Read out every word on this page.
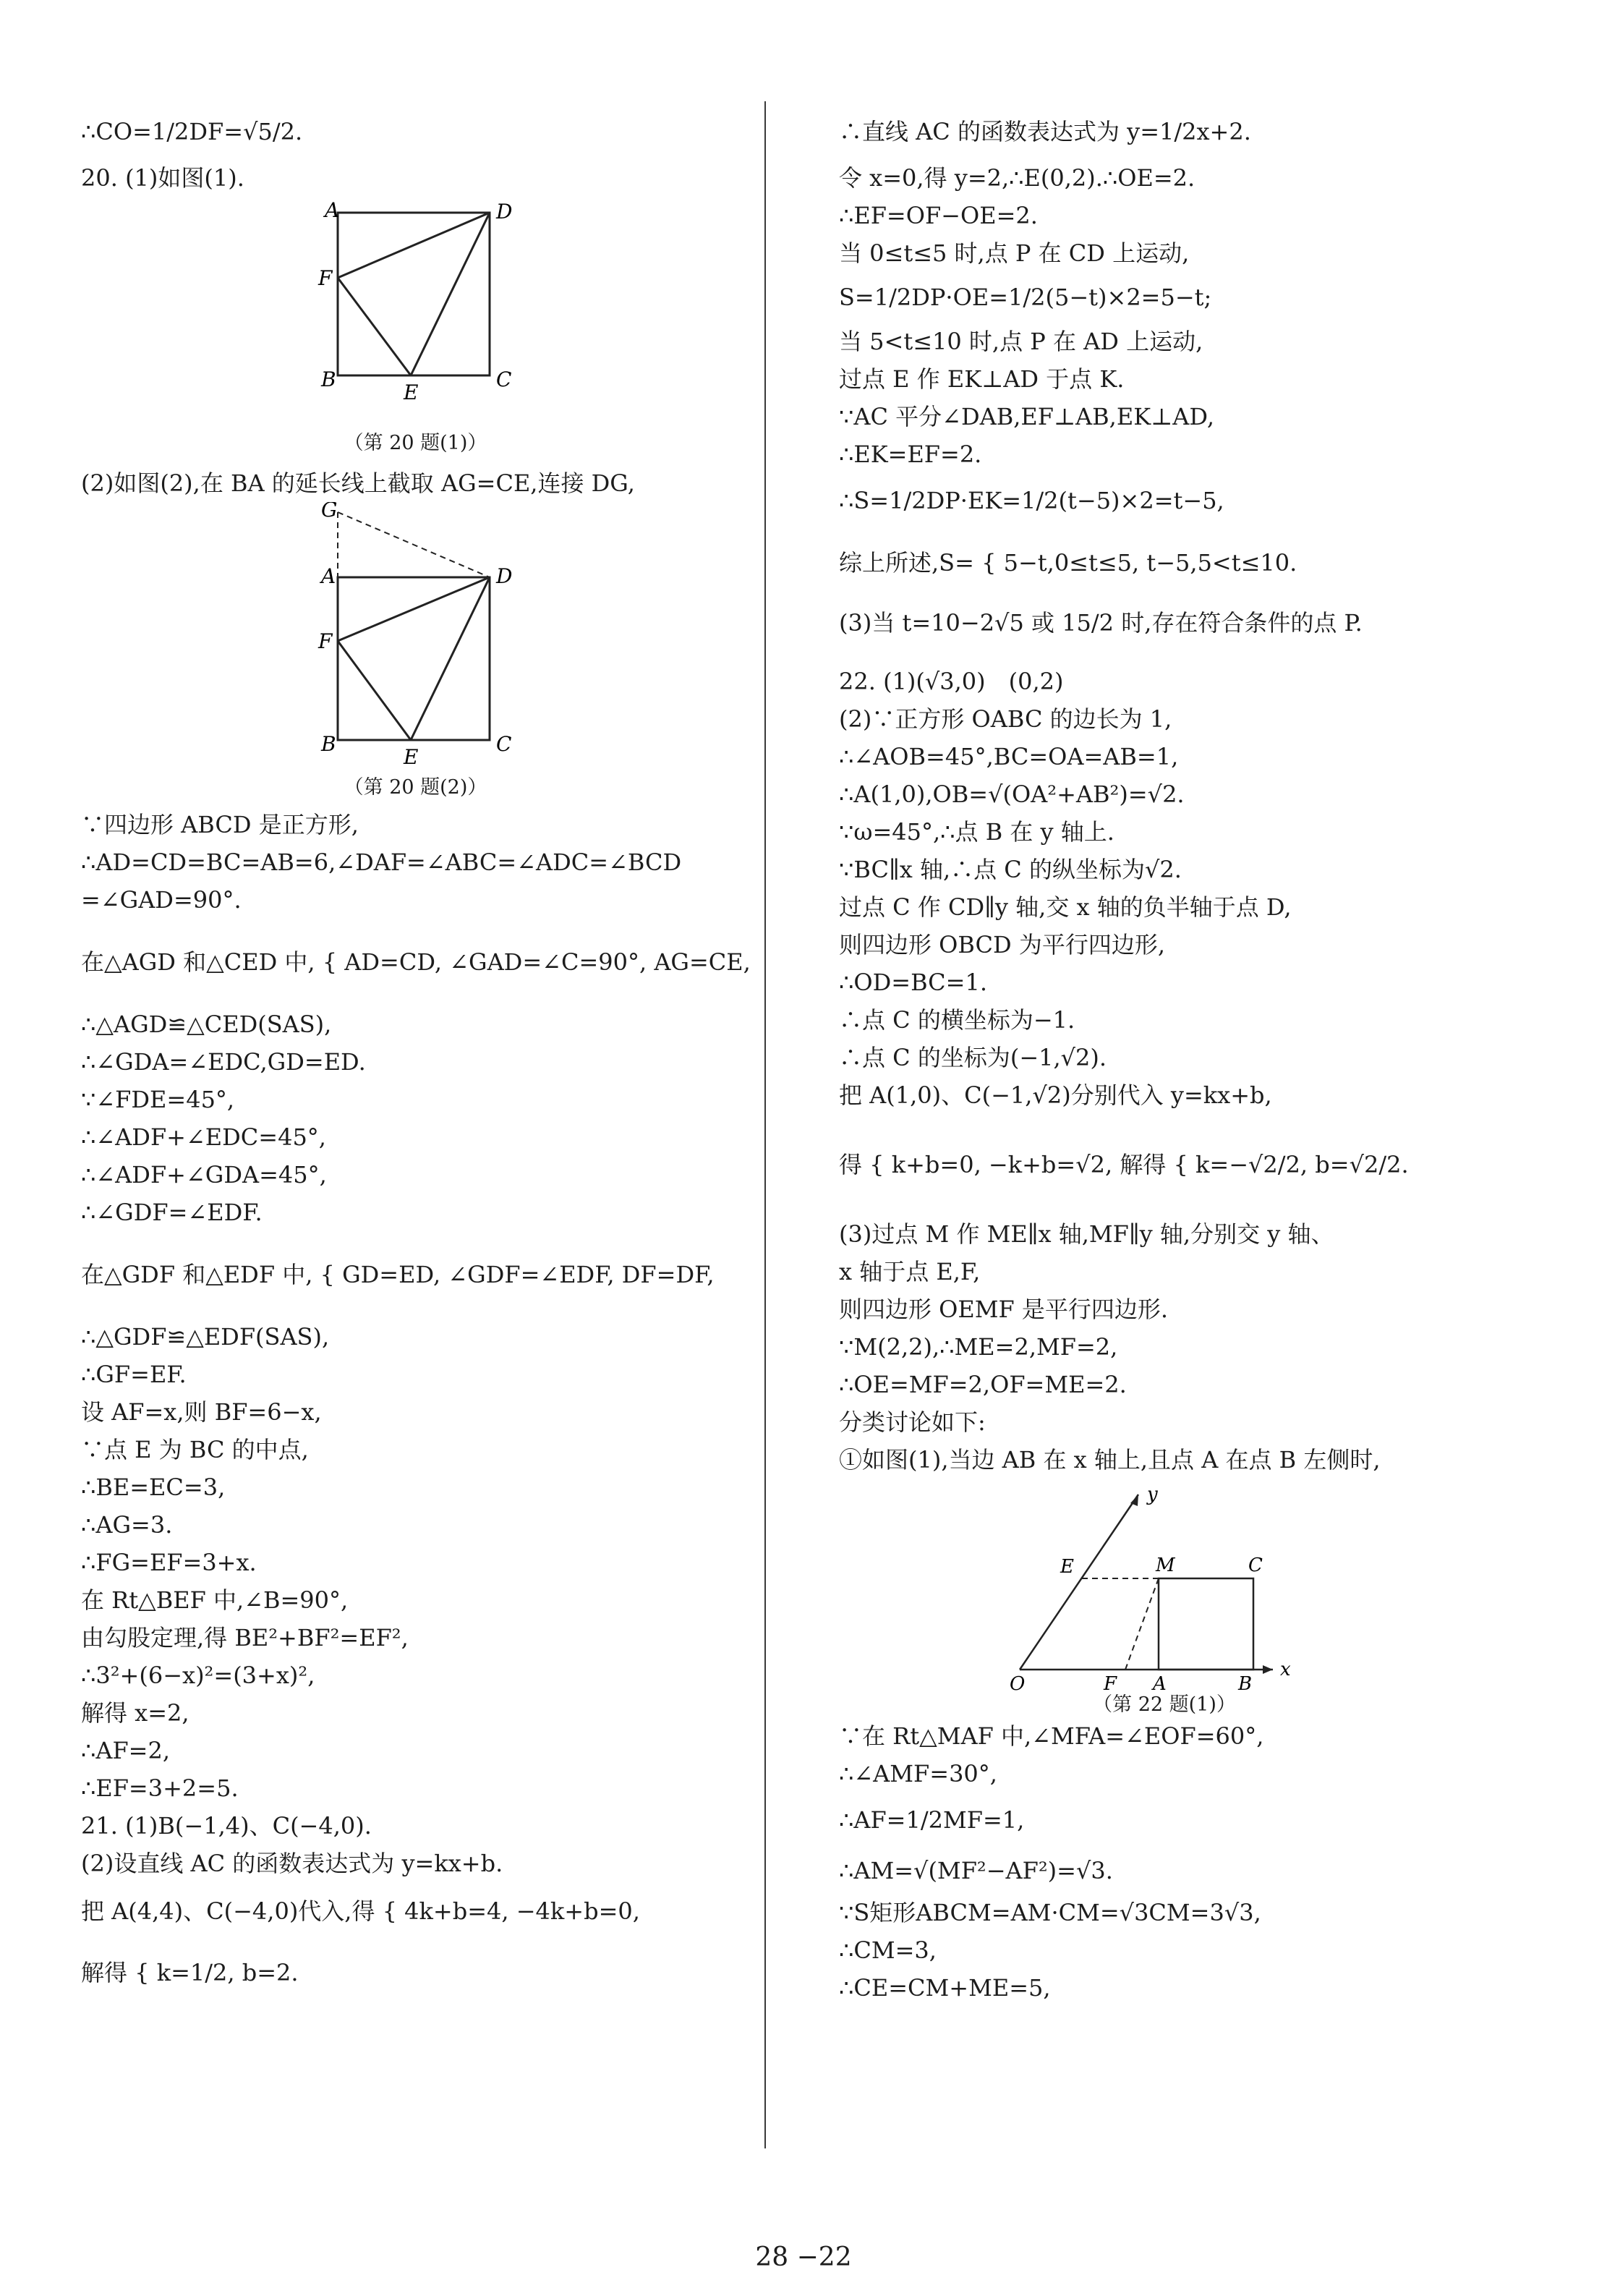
∴CO=1/2DF=√5/2.
20. (1)如图(1).
A	D
F
B
E
C
（第 20 题(1)）
(2)如图(2),在 BA 的延长线上截取 AG=CE,连接 DG,
G
A	D
F
B
E
C
（第 20 题(2)）
∵四边形 ABCD 是正方形,
∴AD=CD=BC=AB=6,∠DAF=∠ABC=∠ADC=∠BCD
=∠GAD=90°.
在△AGD 和△CED 中, { AD=CD, ∠GAD=∠C=90°, AG=CE,
∴△AGD≌△CED(SAS),
∴∠GDA=∠EDC,GD=ED.
∵∠FDE=45°,
∴∠ADF+∠EDC=45°,
∴∠ADF+∠GDA=45°,
∴∠GDF=∠EDF.
在△GDF 和△EDF 中, { GD=ED, ∠GDF=∠EDF, DF=DF,
∴△GDF≌△EDF(SAS),
∴GF=EF.
设 AF=x,则 BF=6−x,
∵点 E 为 BC 的中点,
∴BE=EC=3,
∴AG=3.
∴FG=EF=3+x.
在 Rt△BEF 中,∠B=90°,
由勾股定理,得 BE²+BF²=EF²,
∴3²+(6−x)²=(3+x)²,
解得 x=2,
∴AF=2,
∴EF=3+2=5.
21. (1)B(−1,4)、C(−4,0).
(2)设直线 AC 的函数表达式为 y=kx+b.
把 A(4,4)、C(−4,0)代入,得 { 4k+b=4, −4k+b=0,
解得 { k=1/2, b=2.
∴直线 AC 的函数表达式为 y=1/2x+2.
令 x=0,得 y=2,∴E(0,2).∴OE=2.
∴EF=OF−OE=2.
当 0≤t≤5 时,点 P 在 CD 上运动,
S=1/2DP·OE=1/2(5−t)×2=5−t;
当 5<t≤10 时,点 P 在 AD 上运动,
过点 E 作 EK⊥AD 于点 K.
∵AC 平分∠DAB,EF⊥AB,EK⊥AD,
∴EK=EF=2.
∴S=1/2DP·EK=1/2(t−5)×2=t−5,
综上所述,S= { 5−t,0≤t≤5, t−5,5<t≤10.
(3)当 t=10−2√5 或 15/2 时,存在符合条件的点 P.
22. (1)(√3,0)　(0,2)
(2)∵正方形 OABC 的边长为 1,
∴∠AOB=45°,BC=OA=AB=1,
∴A(1,0),OB=√(OA²+AB²)=√2.
∵ω=45°,∴点 B 在 y 轴上.
∵BC∥x 轴,∴点 C 的纵坐标为√2.
过点 C 作 CD∥y 轴,交 x 轴的负半轴于点 D,
则四边形 OBCD 为平行四边形,
∴OD=BC=1.
∴点 C 的横坐标为−1.
∴点 C 的坐标为(−1,√2).
把 A(1,0)、C(−1,√2)分别代入 y=kx+b,
得 { k+b=0, −k+b=√2, 解得 { k=−√2/2, b=√2/2.
(3)过点 M 作 ME∥x 轴,MF∥y 轴,分别交 y 轴、
x 轴于点 E,F,
则四边形 OEMF 是平行四边形.
∵M(2,2),∴ME=2,MF=2,
∴OE=MF=2,OF=ME=2.
分类讨论如下:
①如图(1),当边 AB 在 x 轴上,且点 A 在点 B 左侧时,
y
E	M	C
O	F A	B
x
（第 22 题(1)）
∵在 Rt△MAF 中,∠MFA=∠EOF=60°,
∴∠AMF=30°,
∴AF=1/2MF=1,
∴AM=√(MF²−AF²)=√3.
∵S矩形ABCM=AM·CM=√3CM=3√3,
∴CM=3,
∴CE=CM+ME=5,
28 −22
